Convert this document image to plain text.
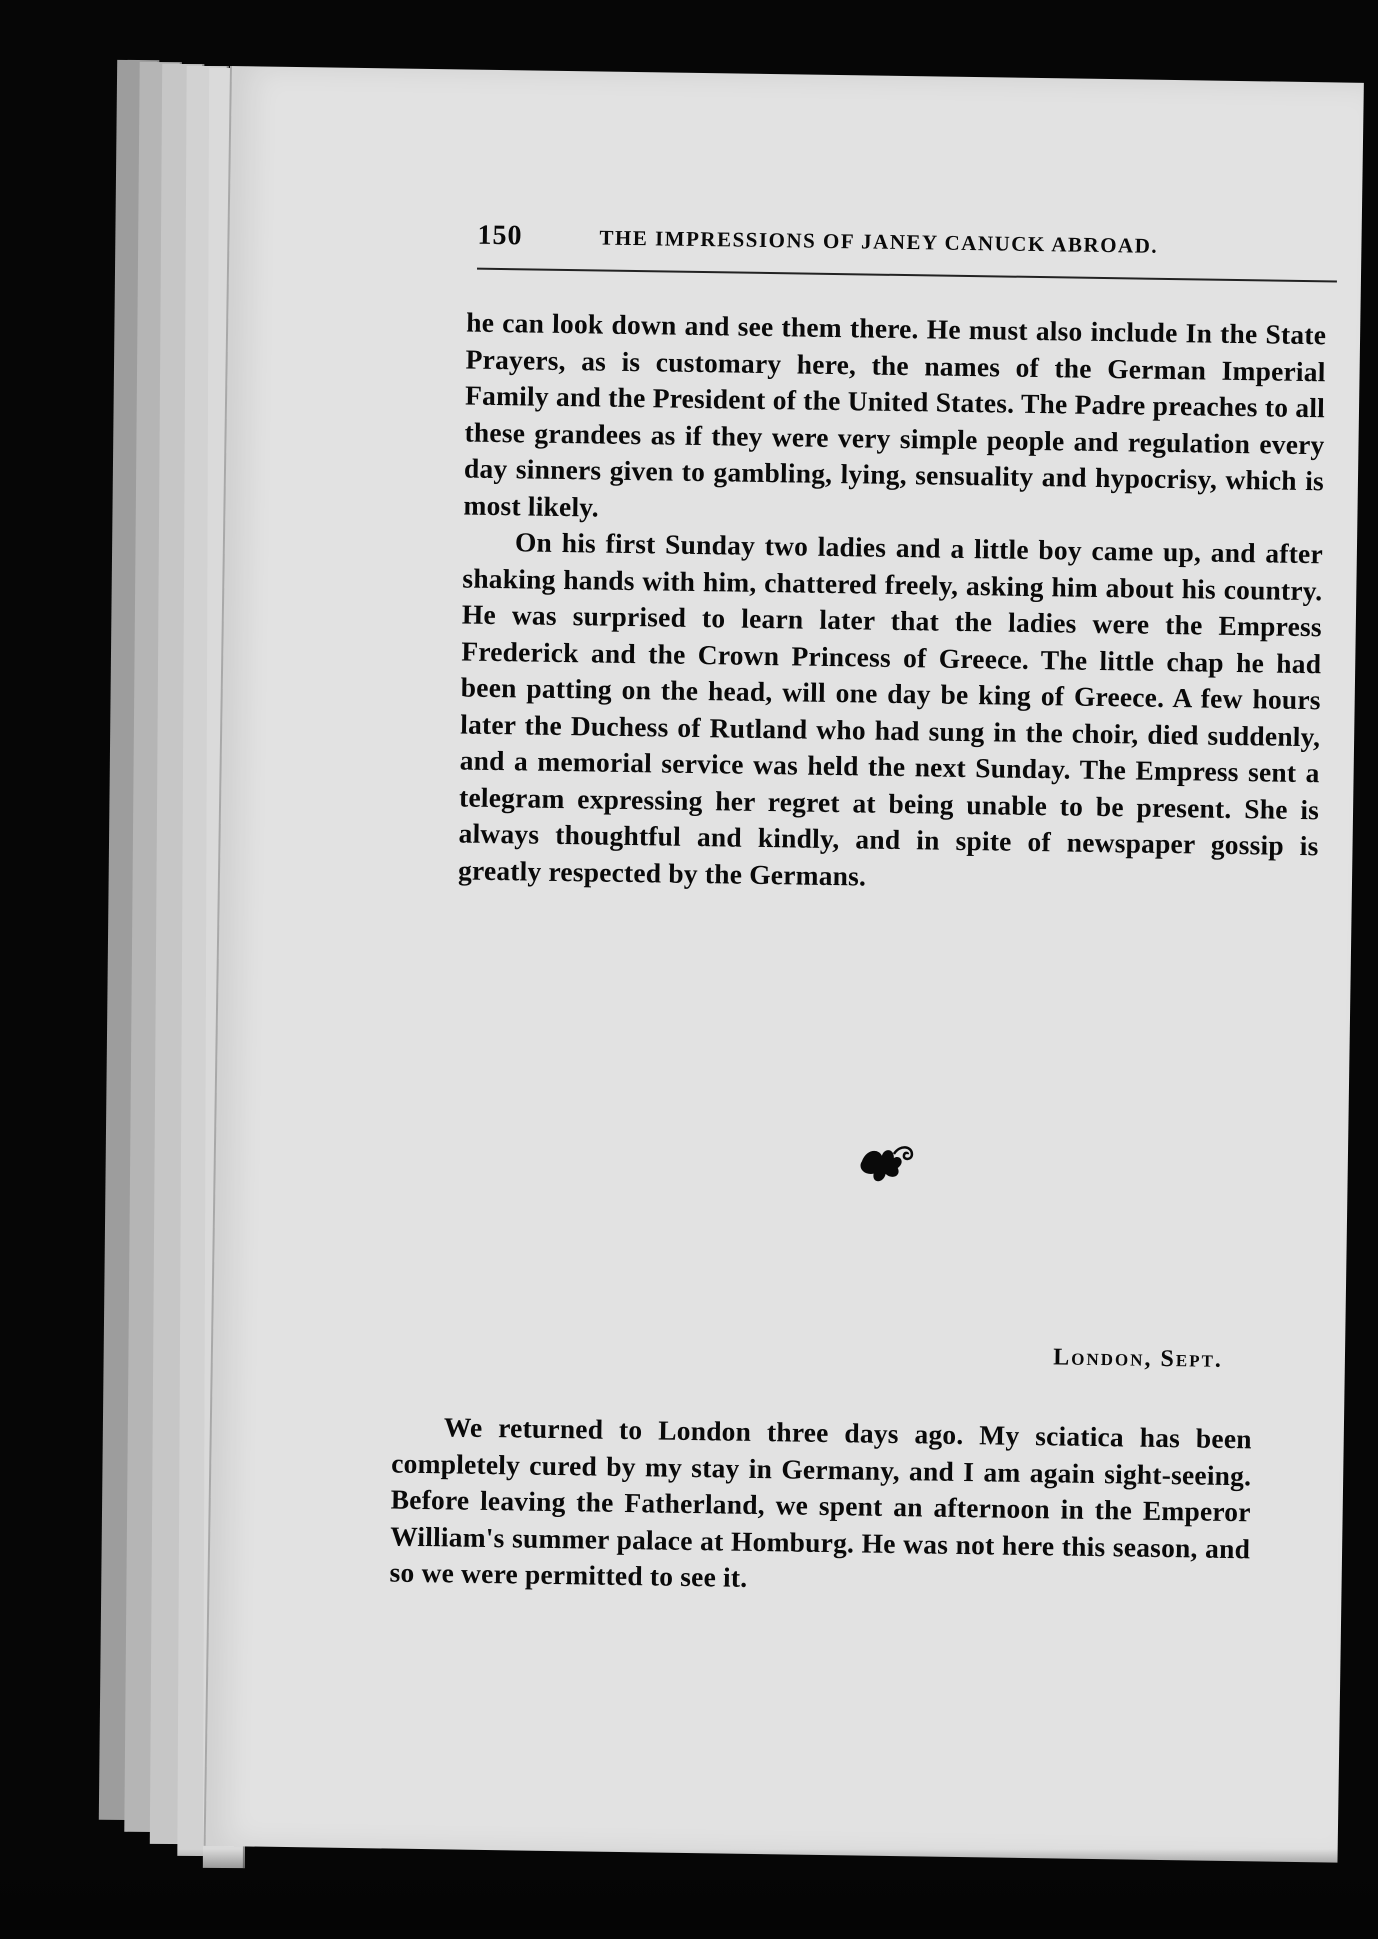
150	THE IMPRESSIONS OF JANEY CANUCK ABROAD.

he can look down and see them there. He must also include In the State Prayers, as is customary here, the names of the German Imperial Family and the President of the United States. The Padre preaches to all these grandees as if they were very simple people and regulation every day sinners given to gambling, lying, sensuality and hypocrisy, which is most likely.

On his first Sunday two ladies and a little boy came up, and after shaking hands with him, chattered freely, asking him about his country. He was surprised to learn later that the ladies were the Empress Frederick and the Crown Princess of Greece. The little chap he had been patting on the head, will one day be king of Greece. A few hours later the Duchess of Rutland who had sung in the choir, died suddenly, and a memorial service was held the next Sunday. The Empress sent a telegram expressing her regret at being unable to be present. She is always thoughtful and kindly, and in spite of newspaper gossip is greatly respected by the Germans.

London, Sept.

We returned to London three days ago. My sciatica has been completely cured by my stay in Germany, and I am again sight-seeing. Before leaving the Fatherland, we spent an afternoon in the Emperor William's summer palace at Homburg. He was not here this season, and so we were permitted to see it.
